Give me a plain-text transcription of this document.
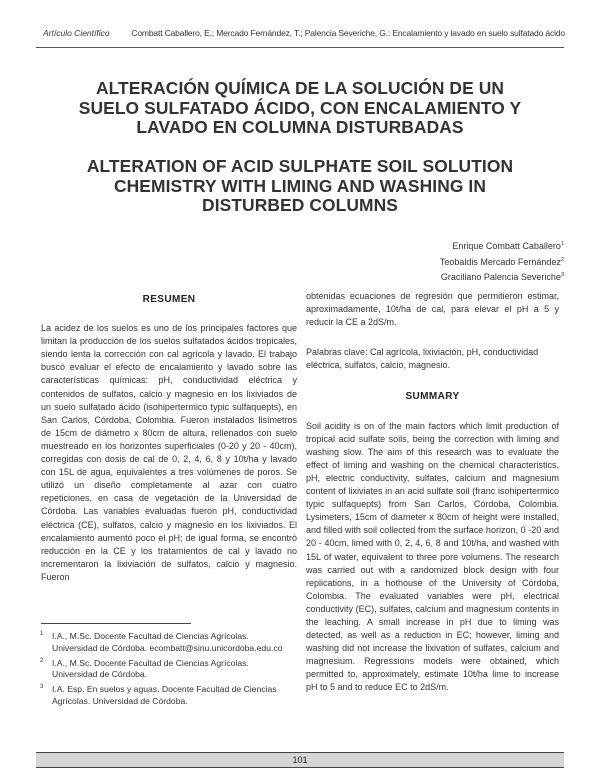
Artículo Científico	Combatt Caballero, E.; Mercado Fernández, T.; Palencia Severiche, G.: Encalamiento y lavado en suelo sulfatado ácido
ALTERACIÓN QUÍMICA DE LA SOLUCIÓN DE UN
SUELO SULFATADO ÁCIDO, CON ENCALAMIENTO Y
LAVADO EN COLUMNA DISTURBADAS
ALTERATION OF ACID SULPHATE SOIL SOLUTION
CHEMISTRY WITH LIMING AND WASHING IN
DISTURBED COLUMNS
Enrique Combatt Caballero$^1$
Teobaldis Mercado Fernández$^2$
Graciliano Palencia Severiche$^3$
RESUMEN

La acidez de los suelos es uno de los principales factores que limitan la producción de los suelos sulfatados ácidos tropicales, siendo lenta la corrección con cal agrícola y lavado. El trabajo buscó evaluar el efecto de encalamiento y lavado sobre las características químicas: pH, conductividad eléctrica y contenidos de sulfatos, calcio y magnesio en los lixiviados de un suelo sulfatado ácido (isohipertermico typic sulfaquepts), en San Carlos, Córdoba, Colombia. Fueron instalados lisímetros de 15cm de diámetro x 80cm de altura, rellenados con suelo muestreado en los horizontes superficiales (0-20 y 20 - 40cm), corregidas con dosis de cal de 0, 2, 4, 6, 8 y 10t/ha y lavado con 15L de agua, equivalentes a tres volúmenes de poros. Se utilizó un diseño completamente al azar con cuatro repeticiones, en casa de vegetación de la Universidad de Córdoba. Las variables evaluadas fueron pH, conductividad eléctrica (CE), sulfatos, calcio y magnesio en los lixiviados. El encalamiento aumentó poco el pH; de igual forma, se encontró reducción en la CE y los tratamientos de cal y lavado no incrementaron la lixiviación de sulfatos, calcio y magnesio. Fueron

1 I.A., M.Sc. Docente Facultad de Ciencias Agrícolas. Universidad de Córdoba. ecombatt@sinu.unicordoba.edu.co
2 I.A., M.Sc. Docente Facultad de Ciencias Agrícolas. Universidad de Córdoba.
3 I.A. Esp. En suelos y aguas. Docente Facultad de Ciencias Agrícolas. Universidad de Córdoba.

obtenidas ecuaciones de regresión que permitieron estimar, aproximadamente, 10t/ha de cal, para elevar el pH a 5 y reducir la CE a 2dS/m.

Palabras clave: Cal agrícola, lixiviación, pH, conductividad eléctrica, sulfatos, calcio, magnesio.

SUMMARY

Soil acidity is on of the main factors which limit production of tropical acid sulfate soils, being the correction with liming and washing slow. The aim of this research was to evaluate the effect of liming and washing on the chemical characteristics, pH, electric conductivity, sulfates, calcium and magnesium content of lixiviates in an acid sulfate soil (franc isohipertermico typic sulfaquepts) from San Carlos, Córdoba, Colombia. Lysimeters, 15cm of diameter x 80cm of height were installed, and filled with soil collected from the surface horizon, 0 -20 and 20 - 40cm, limed with 0, 2, 4, 6, 8 and 10t/ha, and washed with 15L of water, equivalent to three pore volumens. The research was carried out with a randomized block design with four replications, in a hothouse of the University of Córdoba, Colombia. The evaluated variables were pH, electrical conductivity (EC), sulfates, calcium and magnesium contents in the leaching. A small increase in pH due to liming was detected, as well as a reduction in EC; however, liming and washing did not increase the lixivation of sulfates, calcium and magnesium. Regressions models were obtained, which permitted to, approximately, estimate 10t/ha lime to increase pH to 5 and to reduce EC to 2dS/m.

101
